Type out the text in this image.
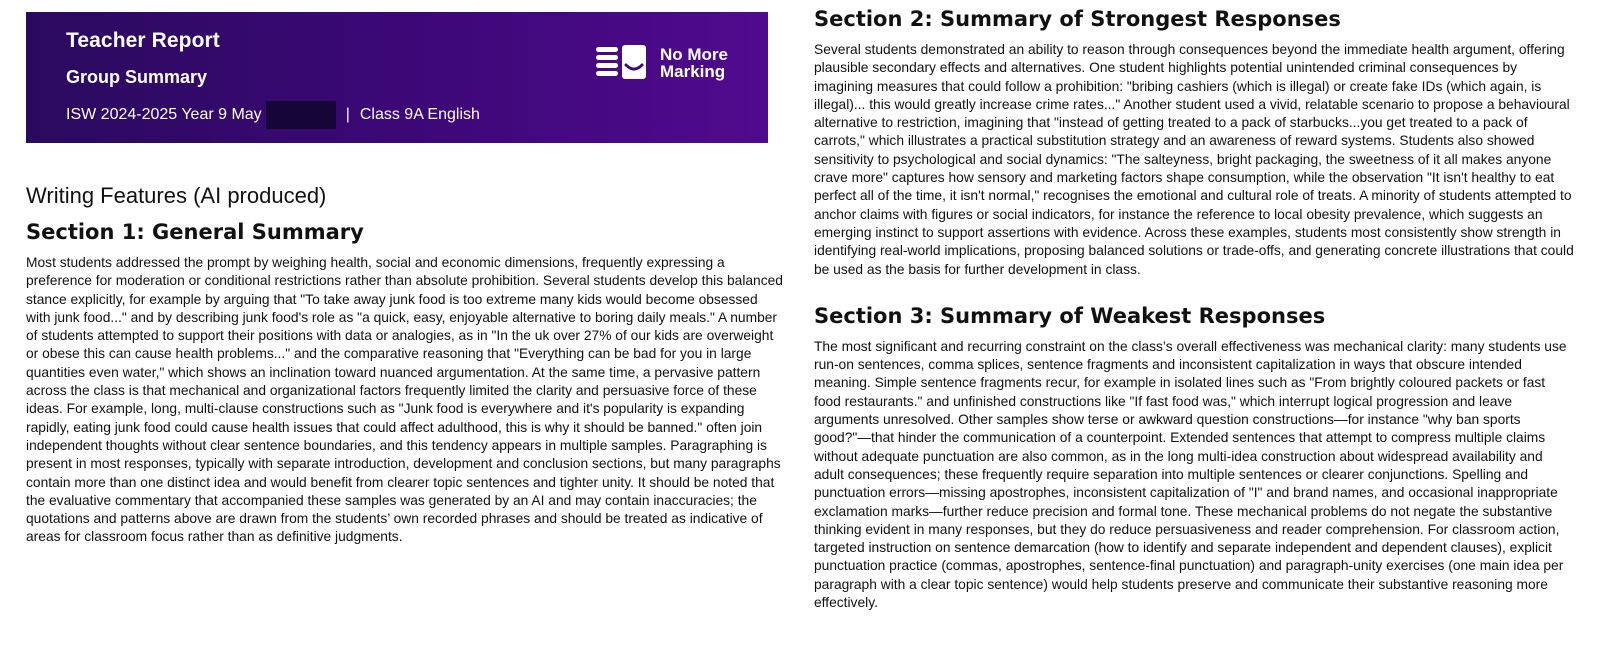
Teacher Report
Group Summary
ISW 2024-2025 Year 9 May	| Class 9A English
No More
Marking
Writing Features (AI produced)
Section 1: General Summary

Most students addressed the prompt by weighing health, social and economic dimensions, frequently expressing a preference for moderation or conditional restrictions rather than absolute prohibition. Several students develop this balanced stance explicitly, for example by arguing that "To take away junk food is too extreme many kids would become obsessed with junk food..." and by describing junk food's role as "a quick, easy, enjoyable alternative to boring daily meals." A number of students attempted to support their positions with data or analogies, as in "In the uk over 27% of our kids are overweight or obese this can cause health problems..." and the comparative reasoning that "Everything can be bad for you in large quantities even water," which shows an inclination toward nuanced argumentation. At the same time, a pervasive pattern across the class is that mechanical and organizational factors frequently limited the clarity and persuasive force of these ideas. For example, long, multi-clause constructions such as "Junk food is everywhere and it's popularity is expanding rapidly, eating junk food could cause health issues that could affect adulthood, this is why it should be banned." often join independent thoughts without clear sentence boundaries, and this tendency appears in multiple samples. Paragraphing is present in most responses, typically with separate introduction, development and conclusion sections, but many paragraphs contain more than one distinct idea and would benefit from clearer topic sentences and tighter unity. It should be noted that the evaluative commentary that accompanied these samples was generated by an AI and may contain inaccuracies; the quotations and patterns above are drawn from the students’ own recorded phrases and should be treated as indicative of areas for classroom focus rather than as definitive judgments.

Section 2: Summary of Strongest Responses

Several students demonstrated an ability to reason through consequences beyond the immediate health argument, offering plausible secondary effects and alternatives. One student highlights potential unintended criminal consequences by imagining measures that could follow a prohibition: "bribing cashiers (which is illegal) or create fake IDs (which again, is illegal)... this would greatly increase crime rates..." Another student used a vivid, relatable scenario to propose a behavioural alternative to restriction, imagining that "instead of getting treated to a pack of starbucks...you get treated to a pack of carrots," which illustrates a practical substitution strategy and an awareness of reward systems. Students also showed sensitivity to psychological and social dynamics: "The salteyness, bright packaging, the sweetness of it all makes anyone crave more" captures how sensory and marketing factors shape consumption, while the observation "It isn't healthy to eat perfect all of the time, it isn't normal," recognises the emotional and cultural role of treats. A minority of students attempted to anchor claims with figures or social indicators, for instance the reference to local obesity prevalence, which suggests an emerging instinct to support assertions with evidence. Across these examples, students most consistently show strength in identifying real-world implications, proposing balanced solutions or trade-offs, and generating concrete illustrations that could be used as the basis for further development in class.

Section 3: Summary of Weakest Responses

The most significant and recurring constraint on the class’s overall effectiveness was mechanical clarity: many students use run-on sentences, comma splices, sentence fragments and inconsistent capitalization in ways that obscure intended meaning. Simple sentence fragments recur, for example in isolated lines such as "From brightly coloured packets or fast food restaurants." and unfinished constructions like "If fast food was," which interrupt logical progression and leave arguments unresolved. Other samples show terse or awkward question constructions—for instance "why ban sports good?"—that hinder the communication of a counterpoint. Extended sentences that attempt to compress multiple claims without adequate punctuation are also common, as in the long multi-idea construction about widespread availability and adult consequences; these frequently require separation into multiple sentences or clearer conjunctions. Spelling and punctuation errors—missing apostrophes, inconsistent capitalization of "I" and brand names, and occasional inappropriate exclamation marks—further reduce precision and formal tone. These mechanical problems do not negate the substantive thinking evident in many responses, but they do reduce persuasiveness and reader comprehension. For classroom action, targeted instruction on sentence demarcation (how to identify and separate independent and dependent clauses), explicit punctuation practice (commas, apostrophes, sentence-final punctuation) and paragraph-unity exercises (one main idea per paragraph with a clear topic sentence) would help students preserve and communicate their substantive reasoning more effectively.
